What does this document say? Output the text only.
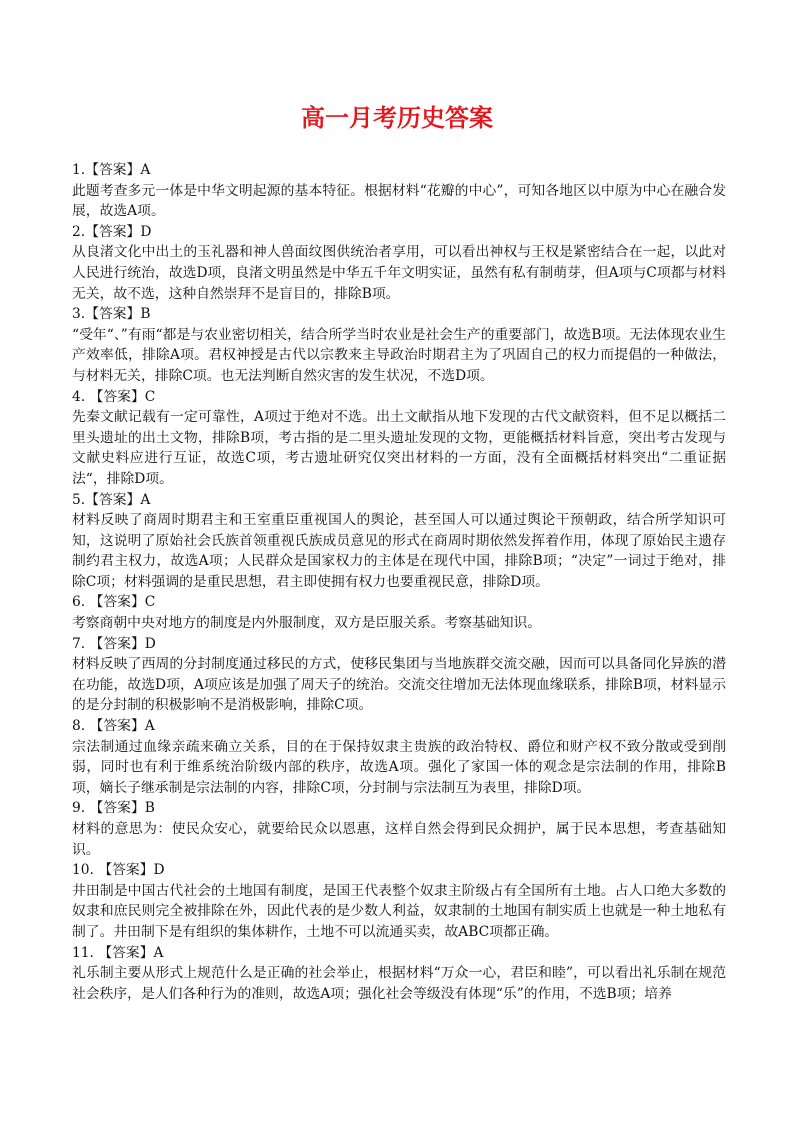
高一月考历史答案

1.【答案】A

此题考查多元一体是中华文明起源的基本特征。根据材料“花瓣的中心”，可知各地区以中原为中心在融合发展，故选A项。

2.【答案】D

从良渚文化中出土的玉礼器和神人兽面纹图供统治者享用，可以看出神权与王权是紧密结合在一起，以此对人民进行统治，故选D项，良渚文明虽然是中华五千年文明实证，虽然有私有制萌芽，但A项与C项都与材料无关，故不选，这种自然崇拜不是盲目的，排除B项。

3.【答案】B

“受年“、”有雨“都是与农业密切相关，结合所学当时农业是社会生产的重要部门，故选B项。无法体现农业生产效率低，排除A项。君权神授是古代以宗教来主导政治时期君主为了巩固自己的权力而提倡的一种做法，与材料无关，排除C项。也无法判断自然灾害的发生状况，不选D项。

4. 【答案】C

先秦文献记载有一定可靠性，A项过于绝对不选。出土文献指从地下发现的古代文献资料，但不足以概括二里头遗址的出土文物，排除B项，考古指的是二里头遗址发现的文物，更能概括材料旨意，突出考古发现与文献史料应进行互证，故选C项，考古遗址研究仅突出材料的一方面，没有全面概括材料突出“二重证据法“，排除D项。

5.【答案】A

材料反映了商周时期君主和王室重臣重视国人的舆论，甚至国人可以通过舆论干预朝政，结合所学知识可知，这说明了原始社会氏族首领重视氏族成员意见的形式在商周时期依然发挥着作用，体现了原始民主遗存制约君主权力，故选A项；人民群众是国家权力的主体是在现代中国，排除B项；“决定”一词过于绝对，排除C项；材料强调的是重民思想，君主即使拥有权力也要重视民意，排除D项。

6. 【答案】C

考察商朝中央对地方的制度是内外服制度，双方是臣服关系。考察基础知识。

7. 【答案】D

材料反映了西周的分封制度通过移民的方式，使移民集团与当地族群交流交融，因而可以具备同化异族的潜在功能，故选D项，A项应该是加强了周天子的统治。交流交往增加无法体现血缘联系，排除B项，材料显示的是分封制的积极影响不是消极影响，排除C项。

8. 【答案】A

宗法制通过血缘亲疏来确立关系，目的在于保持奴隶主贵族的政治特权、爵位和财产权不致分散或受到削弱，同时也有利于维系统治阶级内部的秩序，故选A项。强化了家国一体的观念是宗法制的作用，排除B项，嫡长子继承制是宗法制的内容，排除C项，分封制与宗法制互为表里，排除D项。

9. 【答案】B

材料的意思为：使民众安心，就要给民众以恩惠，这样自然会得到民众拥护，属于民本思想，考查基础知识。

10. 【答案】D

井田制是中国古代社会的土地国有制度，是国王代表整个奴隶主阶级占有全国所有土地。占人口绝大多数的奴隶和庶民则完全被排除在外，因此代表的是少数人利益，奴隶制的土地国有制实质上也就是一种土地私有制了。井田制下是有组织的集体耕作，土地不可以流通买卖，故ABC项都正确。

11. 【答案】A

礼乐制主要从形式上规范什么是正确的社会举止，根据材料“万众一心，君臣和睦”，可以看出礼乐制在规范社会秩序，是人们各种行为的准则，故选A项；强化社会等级没有体现“乐”的作用，不选B项；培养
